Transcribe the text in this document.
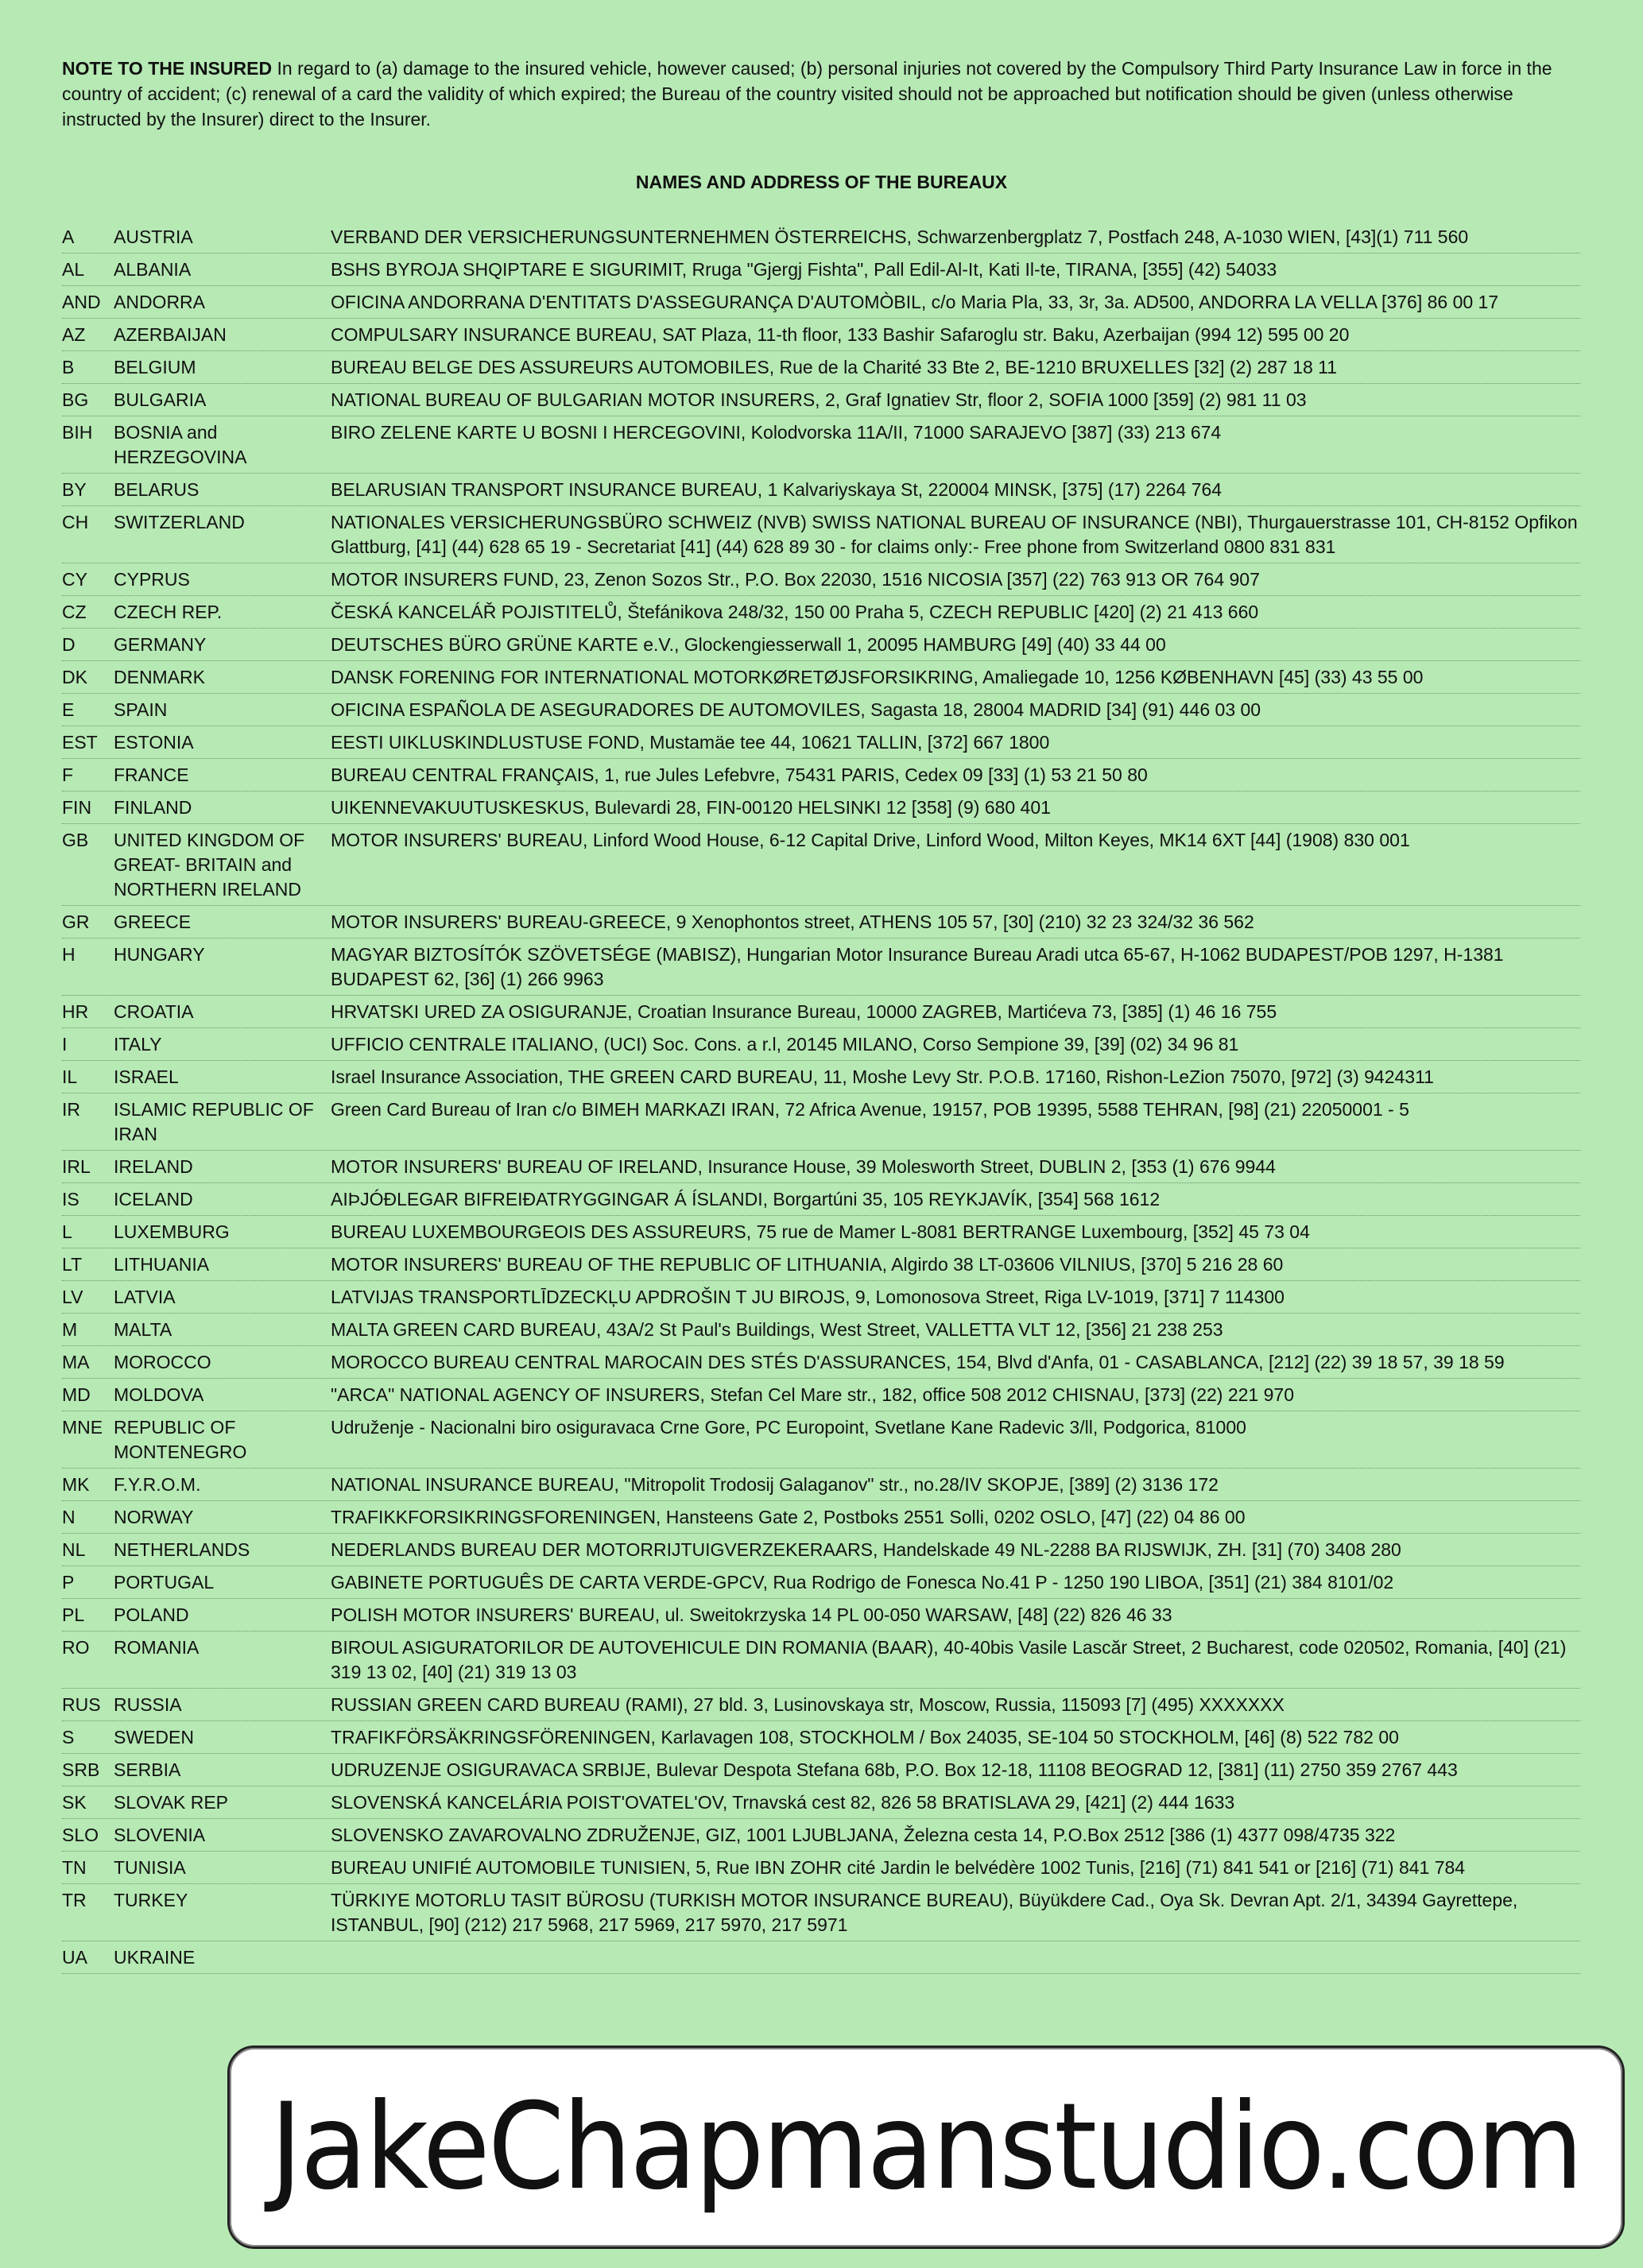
NOTE TO THE INSURED In regard to (a) damage to the insured vehicle, however caused; (b) personal injuries not covered by the Compulsory Third Party Insurance Law in force in the country of accident; (c) renewal of a card the validity of which expired; the Bureau of the country visited should not be approached but notification should be given (unless otherwise instructed by the Insurer) direct to the Insurer.
NAMES AND ADDRESS OF THE BUREAUX
A	AUSTRIA	VERBAND DER VERSICHERUNGSUNTERNEHMEN ÖSTERREICHS, Schwarzenbergplatz 7, Postfach 248, A-1030 WIEN, [43](1) 711 560
AL	ALBANIA	BSHS BYROJA SHQIPTARE E SIGURIMIT, Rruga "Gjergj Fishta", Pall Edil-Al-It, Kati Il-te, TIRANA, [355] (42) 54033
AND ANDORRA	OFICINA ANDORRANA D'ENTITATS D'ASSEGURANÇA D'AUTOMÒBIL, c/o Maria Pla, 33, 3r, 3a. AD500, ANDORRA LA VELLA [376] 86 00 17
AZ	AZERBAIJAN	COMPULSARY INSURANCE BUREAU, SAT Plaza, 11-th floor, 133 Bashir Safaroglu str. Baku, Azerbaijan (994 12) 595 00 20
B	BELGIUM	BUREAU BELGE DES ASSUREURS AUTOMOBILES, Rue de la Charité 33 Bte 2, BE-1210 BRUXELLES [32] (2) 287 18 11
BG	BULGARIA	NATIONAL BUREAU OF BULGARIAN MOTOR INSURERS, 2, Graf Ignatiev Str, floor 2, SOFIA 1000 [359] (2) 981 11 03
BIH	BOSNIA and HERZEGOVINA
BIRO ZELENE KARTE U BOSNI I HERCEGOVINI, Kolodvorska 11A/II, 71000 SARAJEVO [387] (33) 213 674
BY	BELARUS	BELARUSIAN TRANSPORT INSURANCE BUREAU, 1 Kalvariyskaya St, 220004 MINSK, [375] (17) 2264 764
CH	SWITZERLAND	NATIONALES VERSICHERUNGSBÜRO SCHWEIZ (NVB) SWISS NATIONAL BUREAU OF INSURANCE (NBI), Thurgauerstrasse 101, CH-8152 Opfikon Glattburg, [41] (44) 628 65 19 - Secretariat [41] (44) 628 89 30 - for claims only:- Free phone from Switzerland 0800 831 831
CY	CYPRUS	MOTOR INSURERS FUND, 23, Zenon Sozos Str., P.O. Box 22030, 1516 NICOSIA [357] (22) 763 913 OR 764 907
CZ	CZECH REP.	ČESKÁ KANCELÁŘ POJISTITELŮ, Štefánikova 248/32, 150 00 Praha 5, CZECH REPUBLIC [420] (2) 21 413 660
D	GERMANY	DEUTSCHES BÜRO GRÜNE KARTE e.V., Glockengiesserwall 1, 20095 HAMBURG [49] (40) 33 44 00
DK	DENMARK	DANSK FORENING FOR INTERNATIONAL MOTORKØRETØJSFORSIKRING, Amaliegade 10, 1256 KØBENHAVN [45] (33) 43 55 00
E	SPAIN	OFICINA ESPAÑOLA DE ASEGURADORES DE AUTOMOVILES, Sagasta 18, 28004 MADRID [34] (91) 446 03 00
EST ESTONIA	EESTI UIKLUSKINDLUSTUSE FOND, Mustamäe tee 44, 10621 TALLIN, [372] 667 1800
F	FRANCE	BUREAU CENTRAL FRANÇAIS, 1, rue Jules Lefebvre, 75431 PARIS, Cedex 09 [33] (1) 53 21 50 80
FIN	FINLAND	UIKENNEVAKUUTUSKESKUS, Bulevardi 28, FIN-00120 HELSINKI 12 [358] (9) 680 401
GB	UNITED KINGDOM OF GREAT- BRITAIN and NORTHERN IRELAND
MOTOR INSURERS' BUREAU, Linford Wood House, 6-12 Capital Drive, Linford Wood, Milton Keyes, MK14 6XT [44] (1908) 830 001
GR	GREECE	MOTOR INSURERS' BUREAU-GREECE, 9 Xenophontos street, ATHENS 105 57, [30] (210) 32 23 324/32 36 562
H	HUNGARY	MAGYAR BIZTOSÍTÓK SZÖVETSÉGE (MABISZ), Hungarian Motor Insurance Bureau Aradi utca 65-67, H-1062 BUDAPEST/POB 1297, H-1381 BUDAPEST 62, [36] (1) 266 9963
HR	CROATIA	HRVATSKI URED ZA OSIGURANJE, Croatian Insurance Bureau, 10000 ZAGREB, Martićeva 73, [385] (1) 46 16 755
I	ITALY	UFFICIO CENTRALE ITALIANO, (UCI) Soc. Cons. a r.l, 20145 MILANO, Corso Sempione 39, [39] (02) 34 96 81
IL	ISRAEL	Israel Insurance Association, THE GREEN CARD BUREAU, 11, Moshe Levy Str. P.O.B. 17160, Rishon-LeZion 75070, [972] (3) 9424311
IR	ISLAMIC REPUBLIC OF IRAN
Green Card Bureau of Iran c/o BIMEH MARKAZI IRAN, 72 Africa Avenue, 19157, POB 19395, 5588 TEHRAN, [98] (21) 22050001 - 5
IRL	IRELAND	MOTOR INSURERS' BUREAU OF IRELAND, Insurance House, 39 Molesworth Street, DUBLIN 2, [353 (1) 676 9944
IS	ICELAND	AIÞJÓÐLEGAR BIFREIÐATRYGGINGAR Á ÍSLANDI, Borgartúni 35, 105 REYKJAVÍK, [354] 568 1612
L	LUXEMBURG	BUREAU LUXEMBOURGEOIS DES ASSUREURS, 75 rue de Mamer L-8081 BERTRANGE Luxembourg, [352] 45 73 04
LT	LITHUANIA	MOTOR INSURERS' BUREAU OF THE REPUBLIC OF LITHUANIA, Algirdo 38 LT-03606 VILNIUS, [370] 5 216 28 60
LV	LATVIA	LATVIJAS TRANSPORTLĪDZECKĻU APDROŠIN T JU BIROJS, 9, Lomonosova Street, Riga LV-1019, [371] 7 114300
M	MALTA	MALTA GREEN CARD BUREAU, 43A/2 St Paul's Buildings, West Street, VALLETTA VLT 12, [356] 21 238 253
MA	MOROCCO	MOROCCO BUREAU CENTRAL MAROCAIN DES STÉS D'ASSURANCES, 154, Blvd d'Anfa, 01 - CASABLANCA, [212] (22) 39 18 57, 39 18 59
MD	MOLDOVA	"ARCA" NATIONAL AGENCY OF INSURERS, Stefan Cel Mare str., 182, office 508 2012 CHISNAU, [373] (22) 221 970
MNE REPUBLIC OF MONTENEGRO
Udruženje - Nacionalni biro osiguravaca Crne Gore, PC Europoint, Svetlane Kane Radevic 3/ll, Podgorica, 81000
MK	F.Y.R.O.M.	NATIONAL INSURANCE BUREAU, "Mitropolit Trodosij Galaganov" str., no.28/IV SKOPJE, [389] (2) 3136 172
N	NORWAY	TRAFIKKFORSIKRINGSFORENINGEN, Hansteens Gate 2, Postboks 2551 Solli, 0202 OSLO, [47] (22) 04 86 00
NL	NETHERLANDS	NEDERLANDS BUREAU DER MOTORRIJTUIGVERZEKERAARS, Handelskade 49 NL-2288 BA RIJSWIJK, ZH. [31] (70) 3408 280
P	PORTUGAL	GABINETE PORTUGUÊS DE CARTA VERDE-GPCV, Rua Rodrigo de Fonesca No.41 P - 1250 190 LIBOA, [351] (21) 384 8101/02
PL	POLAND	POLISH MOTOR INSURERS' BUREAU, ul. Sweitokrzyska 14 PL 00-050 WARSAW, [48] (22) 826 46 33
RO	ROMANIA	BIROUL ASIGURATORILOR DE AUTOVEHICULE DIN ROMANIA (BAAR), 40-40bis Vasile Lascăr Street, 2 Bucharest, code 020502, Romania, [40] (21) 319 13 02, [40] (21) 319 13 03
RUS RUSSIA	RUSSIAN GREEN CARD BUREAU (RAMI), 27 bld. 3, Lusinovskaya str, Moscow, Russia, 115093 [7] (495) XXXXXXX
S	SWEDEN	TRAFIKFÖRSÄKRINGSFÖRENINGEN, Karlavagen 108, STOCKHOLM / Box 24035, SE-104 50 STOCKHOLM, [46] (8) 522 782 00
SRB SERBIA	UDRUZENJE OSIGURAVACA SRBIJE, Bulevar Despota Stefana 68b, P.O. Box 12-18, 11108 BEOGRAD 12, [381] (11) 2750 359 2767 443
SK	SLOVAK REP	SLOVENSKÁ KANCELÁRIA POIST'OVATEL'OV, Trnavská cest 82, 826 58 BRATISLAVA 29, [421] (2) 444 1633
SLO SLOVENIA	SLOVENSKO ZAVAROVALNO ZDRUŽENJE, GIZ, 1001 LJUBLJANA, Železna cesta 14, P.O.Box 2512 [386 (1) 4377 098/4735 322
TN	TUNISIA	BUREAU UNIFIÉ AUTOMOBILE TUNISIEN, 5, Rue IBN ZOHR cité Jardin le belvédère 1002 Tunis, [216] (71) 841 541 or [216] (71) 841 784
TR	TURKEY	TÜRKIYE MOTORLU TASIT BÜROSU (TURKISH MOTOR INSURANCE BUREAU), Büyükdere Cad., Oya Sk. Devran Apt. 2/1, 34394 Gayrettepe, ISTANBUL, [90] (212) 217 5968, 217 5969, 217 5970, 217 5971
UA	UKRAINE
JakeChapmanstudio.com
